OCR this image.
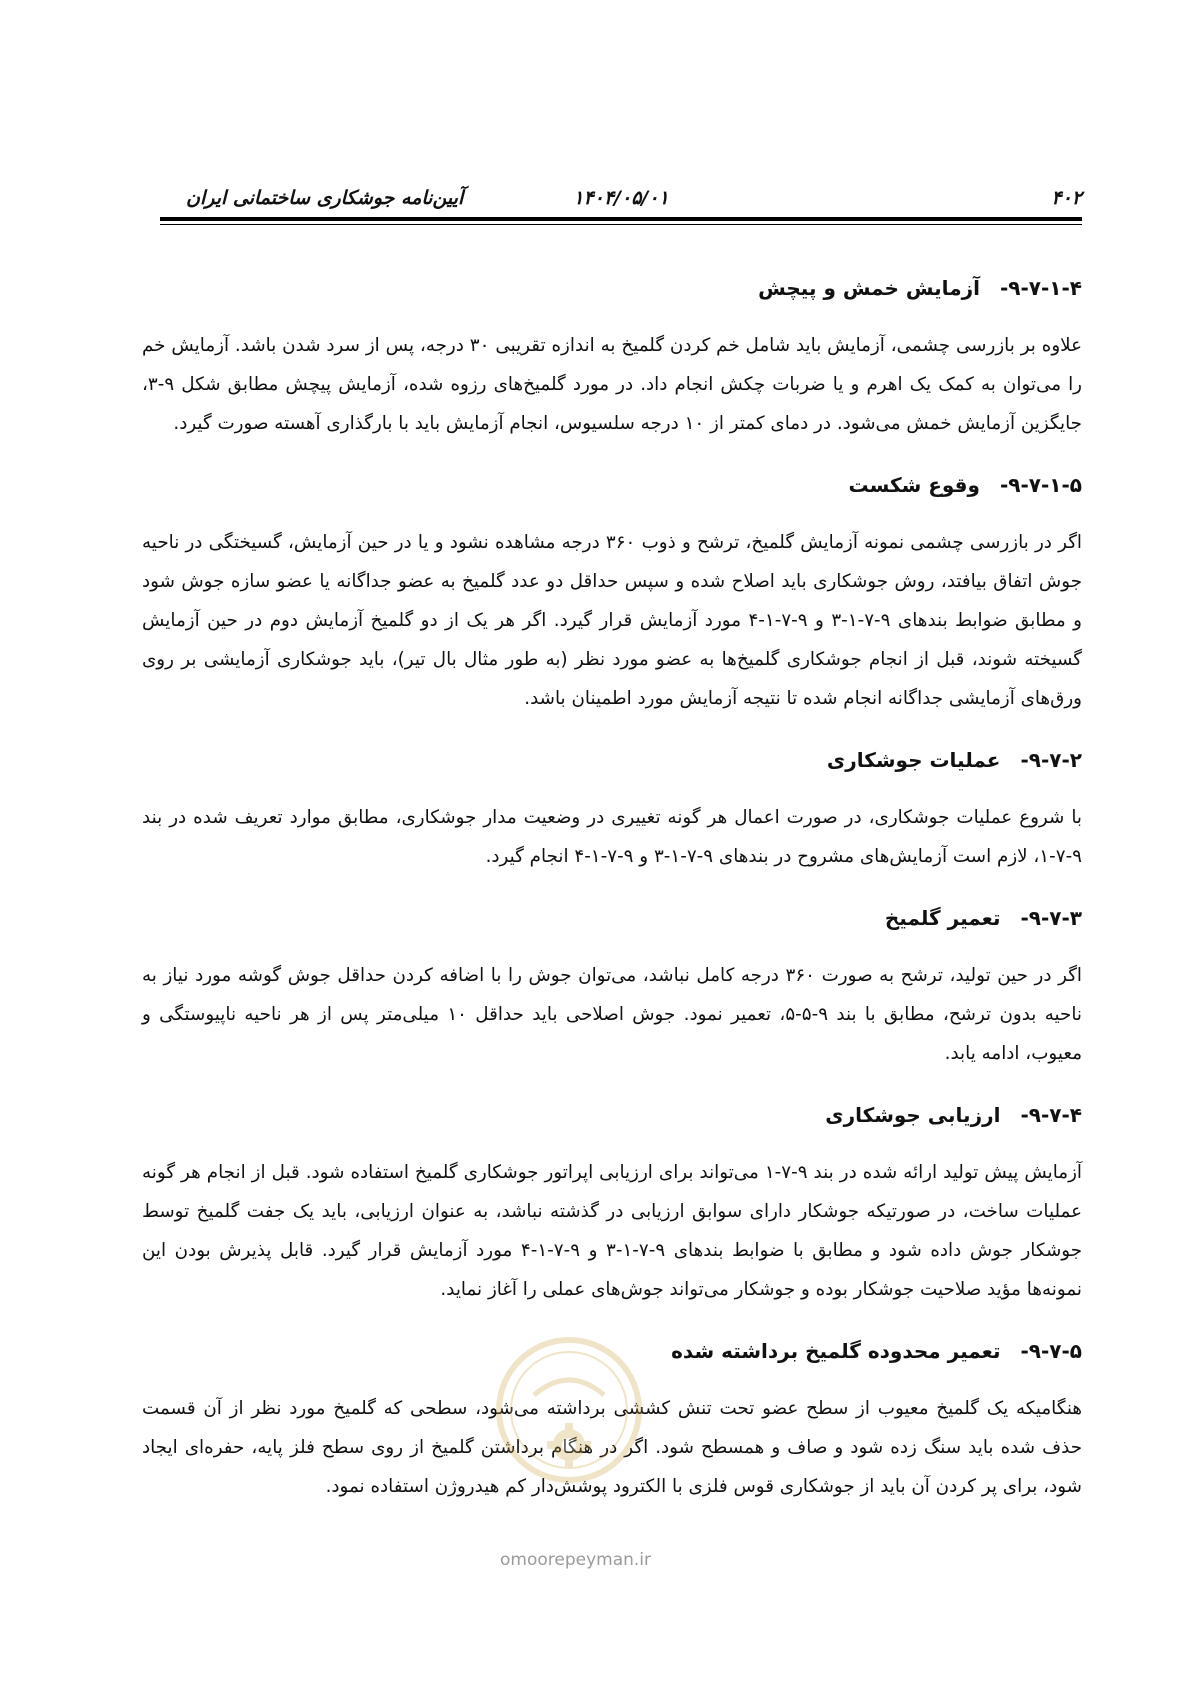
۴۰۲
۱۴۰۴/۰۵/۰۱
آیین‌نامه جوشکاری ساختمانی ایران
۹-۷-۱-۴-
آزمایش خمش و پیچش

علاوه بر بازرسی چشمی، آزمایش باید شامل خم کردن گلمیخ به اندازه تقریبی ۳۰ درجه، پس از سرد شدن باشد. آزمایش خم را می‌توان به کمک یک اهرم و یا ضربات چکش انجام داد. در مورد گلمیخ‌های رزوه شده، آزمایش پیچش مطابق شکل ۹-۳، جایگزین آزمایش خمش می‌شود. در دمای کمتر از ۱۰ درجه سلسیوس، انجام آزمایش باید با بارگذاری آهسته صورت گیرد.

۹-۷-۱-۵-
وقوع شکست

اگر در بازرسی چشمی نمونه آزمایش گلمیخ، ترشح و ذوب ۳۶۰ درجه مشاهده نشود و یا در حین آزمایش، گسیختگی در ناحیه جوش اتفاق بیافتد، روش جوشکاری باید اصلاح شده و سپس حداقل دو عدد گلمیخ به عضو جداگانه یا عضو سازه جوش شود و مطابق ضوابط بندهای ۹-۷-۱-۳ و ۹-۷-۱-۴ مورد آزمایش قرار گیرد. اگر هر یک از دو گلمیخ آزمایش دوم در حین آزمایش گسیخته شوند، قبل از انجام جوشکاری گلمیخ‌ها به عضو مورد نظر (به طور مثال بال تیر)، باید جوشکاری آزمایشی بر روی ورق‌های آزمایشی جداگانه انجام شده تا نتیجه آزمایش مورد اطمینان باشد.

۹-۷-۲-
عملیات جوشکاری

با شروع عملیات جوشکاری، در صورت اعمال هر گونه تغییری در وضعیت مدار جوشکاری، مطابق موارد تعریف شده در بند ۹-۷-۱، لازم است آزمایش‌های مشروح در بندهای ۹-۷-۱-۳ و ۹-۷-۱-۴ انجام گیرد.

۹-۷-۳-
تعمیر گلمیخ

اگر در حین تولید، ترشح به صورت ۳۶۰ درجه کامل نباشد، می‌توان جوش را با اضافه کردن حداقل جوش گوشه مورد نیاز به ناحیه بدون ترشح، مطابق با بند ۹-۵-۵، تعمیر نمود. جوش اصلاحی باید حداقل ۱۰ میلی‌متر پس از هر ناحیه ناپیوستگی و معیوب، ادامه یابد.

۹-۷-۴-
ارزیابی جوشکاری

آزمایش پیش تولید ارائه شده در بند ۹-۷-۱ می‌تواند برای ارزیابی اپراتور جوشکاری گلمیخ استفاده شود. قبل از انجام هر گونه عملیات ساخت، در صورتیکه جوشکار دارای سوابق ارزیابی در گذشته نباشد، به عنوان ارزیابی، باید یک جفت گلمیخ توسط جوشکار جوش داده شود و مطابق با ضوابط بندهای ۹-۷-۱-۳ و ۹-۷-۱-۴ مورد آزمایش قرار گیرد. قابل پذیرش بودن این نمونه‌ها مؤید صلاحیت جوشکار بوده و جوشکار می‌تواند جوش‌های عملی را آغاز نماید.

۹-۷-۵-
تعمیر محدوده گلمیخ برداشته شده

هنگامیکه یک گلمیخ معیوب از سطح عضو تحت تنش کششی برداشته می‌شود، سطحی که گلمیخ مورد نظر از آن قسمت حذف شده باید سنگ زده شود و صاف و همسطح شود. اگر در هنگام برداشتن گلمیخ از روی سطح فلز پایه، حفره‌ای ایجاد شود، برای پر کردن آن باید از جوشکاری قوس فلزی با الکترود پوشش‌دار کم هیدروژن استفاده نمود.

omoorepeyman.ir
